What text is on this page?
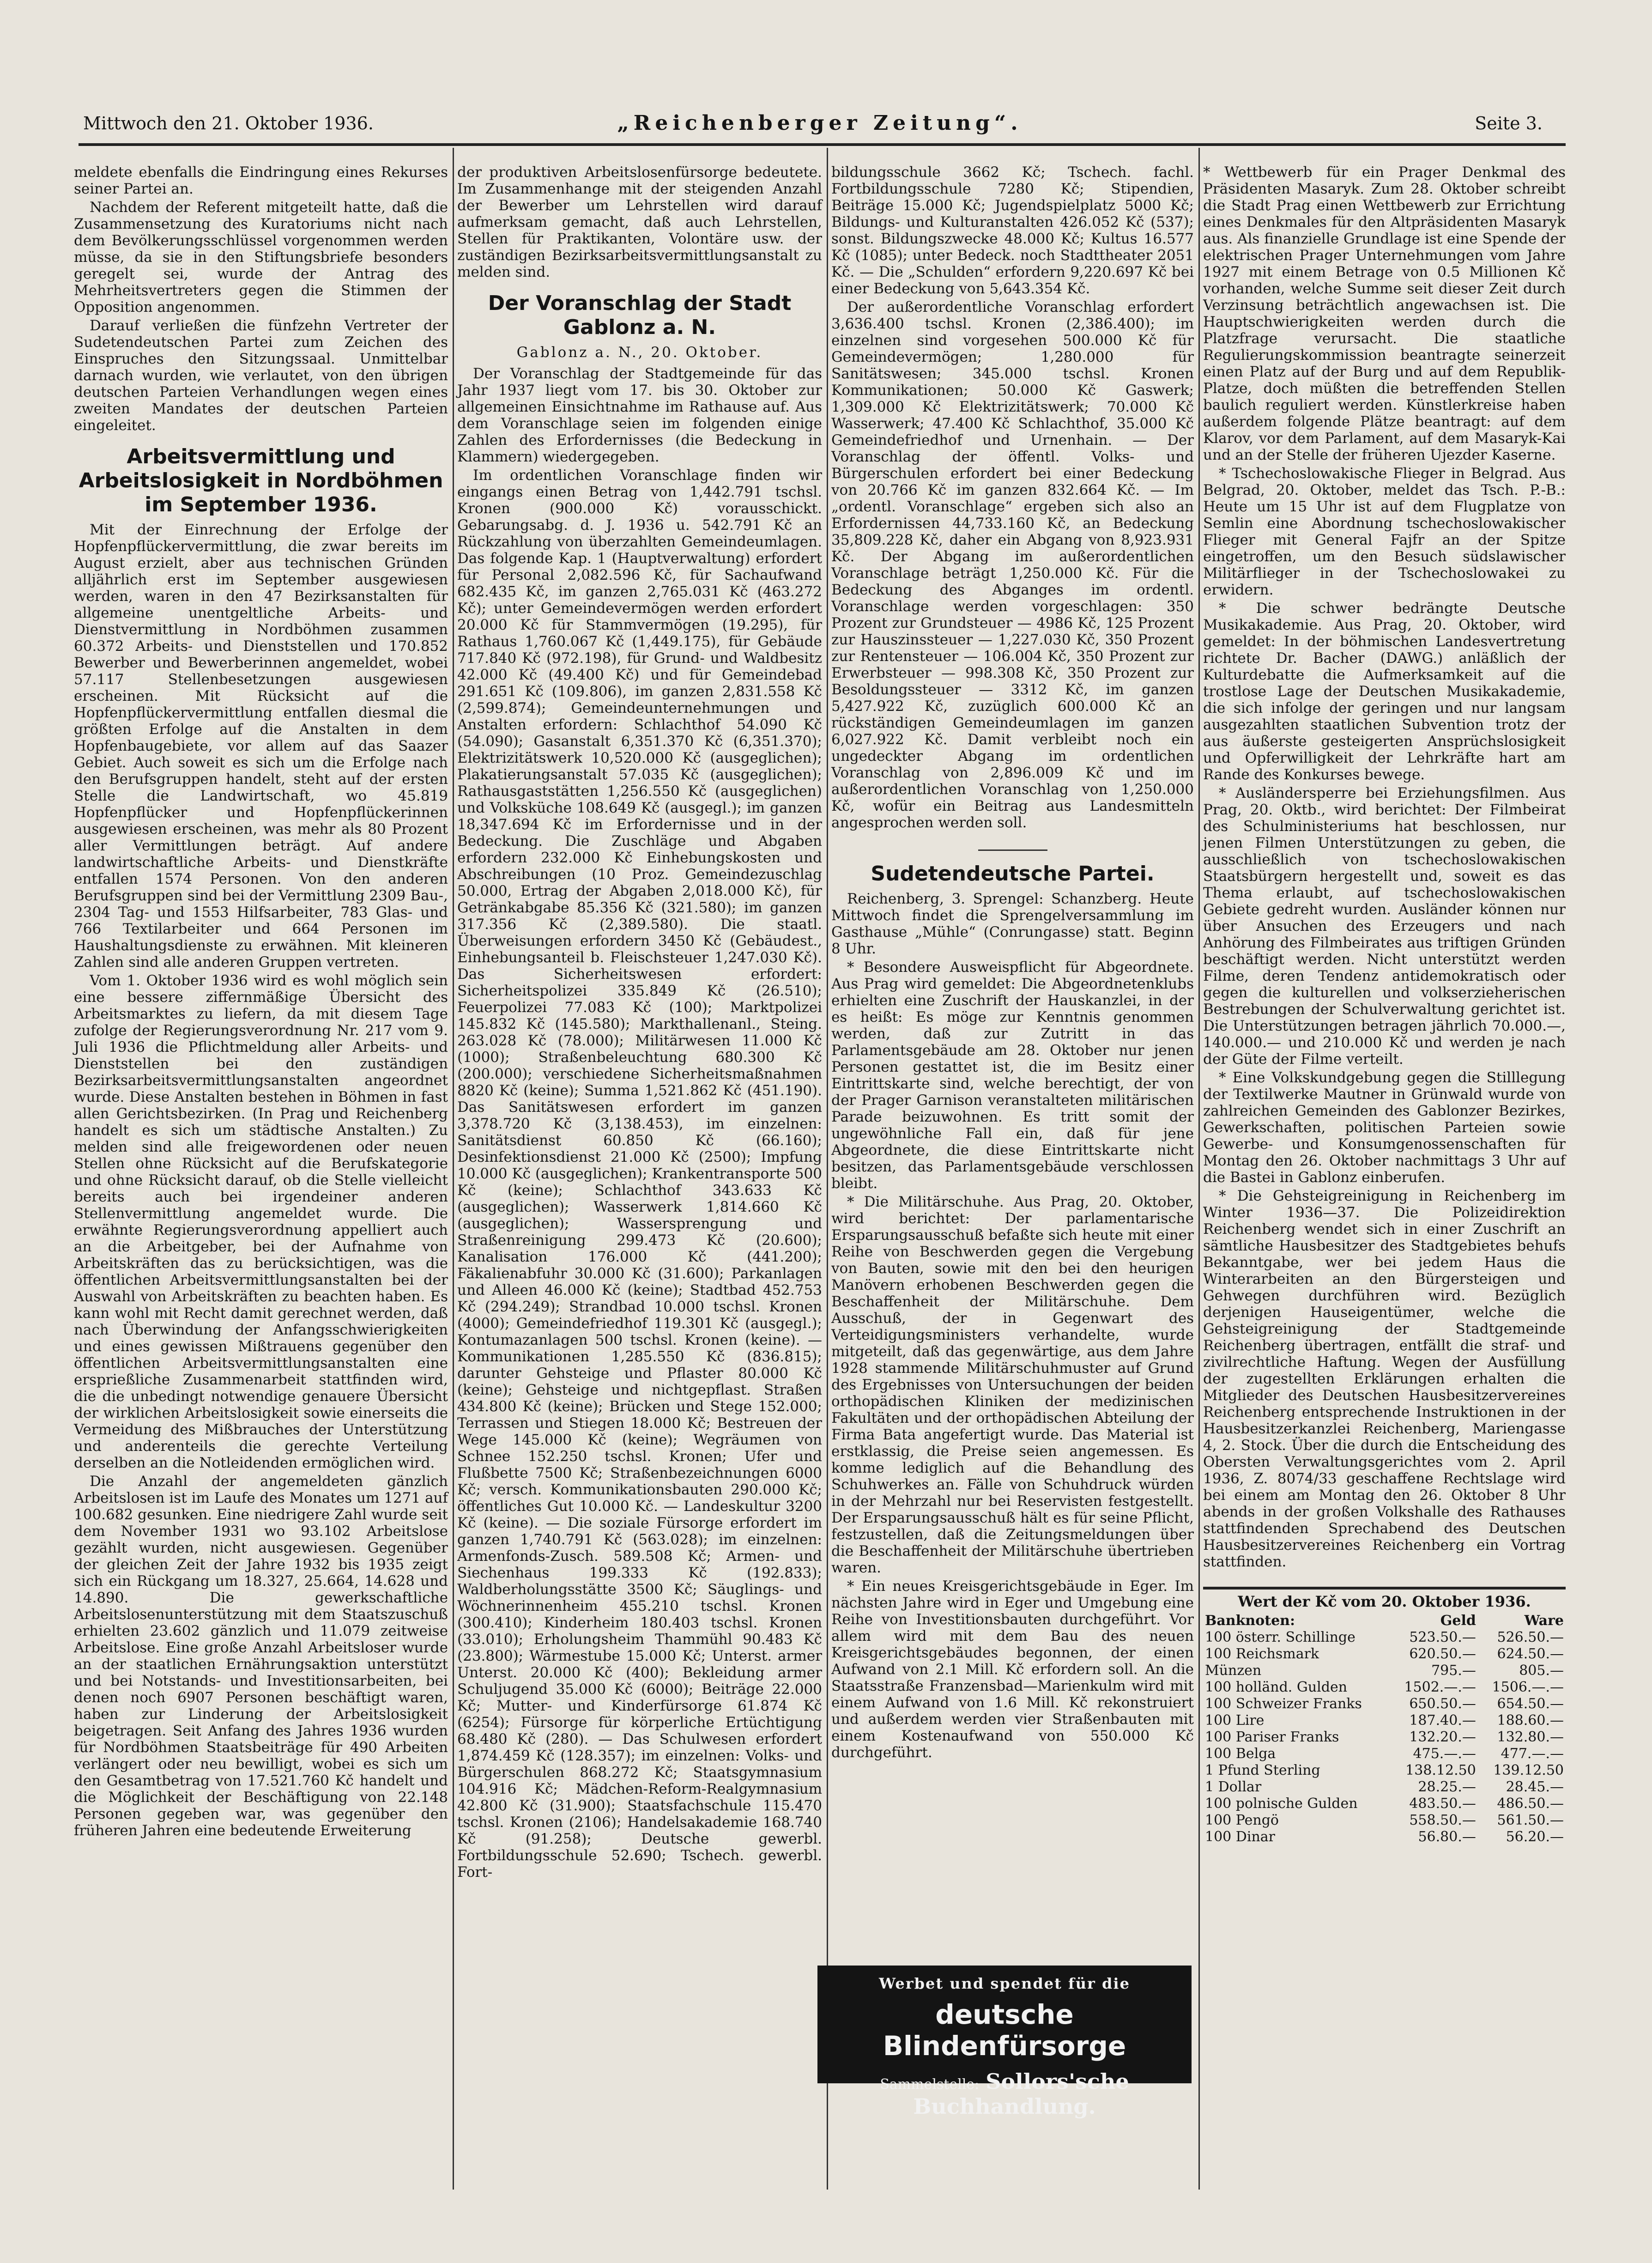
Mittwoch den 21. Oktober 1936.	„Reichenberger Zeitung“.	Seite 3.

meldete ebenfalls die Eindringung eines Rekurses seiner Partei an.

Nachdem der Referent mitgeteilt hatte, daß die Zusammensetzung des Kuratoriums nicht nach dem Bevölkerungsschlüssel vorgenommen werden müsse, da sie in den Stiftungsbriefe besonders geregelt sei, wurde der Antrag des Mehrheitsvertreters gegen die Stimmen der Opposition angenommen.

Darauf verließen die fünfzehn Vertreter der Sudetendeutschen Partei zum Zeichen des Einspruches den Sitzungssaal. Unmittelbar darnach wurden, wie verlautet, von den übrigen deutschen Parteien Verhandlungen wegen eines zweiten Mandates der deutschen Parteien eingeleitet.

Arbeitsvermittlung und Arbeitslosigkeit in Nordböhmen im September 1936.

Mit der Einrechnung der Erfolge der Hopfenpflückervermittlung, die zwar bereits im August erzielt, aber aus technischen Gründen alljährlich erst im September ausgewiesen werden, waren in den 47 Bezirksanstalten für allgemeine unentgeltliche Arbeits- und Dienstvermittlung in Nordböhmen zusammen 60.372 Arbeits- und Dienststellen und 170.852 Bewerber und Bewerberinnen angemeldet, wobei 57.117 Stellenbesetzungen ausgewiesen erscheinen. Mit Rücksicht auf die Hopfenpflückervermittlung entfallen diesmal die größten Erfolge auf die Anstalten in dem Hopfenbaugebiete, vor allem auf das Saazer Gebiet. Auch soweit es sich um die Erfolge nach den Berufsgruppen handelt, steht auf der ersten Stelle die Landwirtschaft, wo 45.819 Hopfenpflücker und Hopfenpflückerinnen ausgewiesen erscheinen, was mehr als 80 Prozent aller Vermittlungen beträgt. Auf andere landwirtschaftliche Arbeits- und Dienstkräfte entfallen 1574 Personen. Von den anderen Berufsgruppen sind bei der Vermittlung 2309 Bau-, 2304 Tag- und 1553 Hilfsarbeiter, 783 Glas- und 766 Textilarbeiter und 664 Personen im Haushaltungsdienste zu erwähnen. Mit kleineren Zahlen sind alle anderen Gruppen vertreten.

Vom 1. Oktober 1936 wird es wohl möglich sein eine bessere ziffernmäßige Übersicht des Arbeitsmarktes zu liefern, da mit diesem Tage zufolge der Regierungsverordnung Nr. 217 vom 9. Juli 1936 die Pflichtmeldung aller Arbeits- und Dienststellen bei den zuständigen Bezirksarbeitsvermittlungsanstalten angeordnet wurde. Diese Anstalten bestehen in Böhmen in fast allen Gerichtsbezirken. (In Prag und Reichenberg handelt es sich um städtische Anstalten.) Zu melden sind alle freigewordenen oder neuen Stellen ohne Rücksicht auf die Berufskategorie und ohne Rücksicht darauf, ob die Stelle vielleicht bereits auch bei irgendeiner anderen Stellenvermittlung angemeldet wurde. Die erwähnte Regierungsverordnung appelliert auch an die Arbeitgeber, bei der Aufnahme von Arbeitskräften das zu berücksichtigen, was die öffentlichen Arbeitsvermittlungsanstalten bei der Auswahl von Arbeitskräften zu beachten haben. Es kann wohl mit Recht damit gerechnet werden, daß nach Überwindung der Anfangsschwierigkeiten und eines gewissen Mißtrauens gegenüber den öffentlichen Arbeitsvermittlungsanstalten eine ersprießliche Zusammenarbeit stattfinden wird, die die unbedingt notwendige genauere Übersicht der wirklichen Arbeitslosigkeit sowie einerseits die Vermeidung des Mißbrauches der Unterstützung und anderenteils die gerechte Verteilung derselben an die Notleidenden ermöglichen wird.

Die Anzahl der angemeldeten gänzlich Arbeitslosen ist im Laufe des Monates um 1271 auf 100.682 gesunken. Eine niedrigere Zahl wurde seit dem November 1931 wo 93.102 Arbeitslose gezählt wurden, nicht ausgewiesen. Gegenüber der gleichen Zeit der Jahre 1932 bis 1935 zeigt sich ein Rückgang um 18.327, 25.664, 14.628 und 14.890. Die gewerkschaftliche Arbeitslosenunterstützung mit dem Staatszuschuß erhielten 23.602 gänzlich und 11.079 zeitweise Arbeitslose. Eine große Anzahl Arbeitsloser wurde an der staatlichen Ernährungsaktion unterstützt und bei Notstands- und Investitionsarbeiten, bei denen noch 6907 Personen beschäftigt waren, haben zur Linderung der Arbeitslosigkeit beigetragen. Seit Anfang des Jahres 1936 wurden für Nordböhmen Staatsbeiträge für 490 Arbeiten verlängert oder neu bewilligt, wobei es sich um den Gesamtbetrag von 17.521.760 Kč handelt und die Möglichkeit der Beschäftigung von 22.148 Personen gegeben war, was gegenüber den früheren Jahren eine bedeutende Erweiterung

der produktiven Arbeitslosenfürsorge bedeutete. Im Zusammenhange mit der steigenden Anzahl der Bewerber um Lehrstellen wird darauf aufmerksam gemacht, daß auch Lehrstellen, Stellen für Praktikanten, Volontäre usw. der zuständigen Bezirksarbeitsvermittlungsanstalt zu melden sind.

Der Voranschlag der Stadt Gablonz a. N.
Gablonz a. N., 20. Oktober.

Der Voranschlag der Stadtgemeinde für das Jahr 1937 liegt vom 17. bis 30. Oktober zur allgemeinen Einsichtnahme im Rathause auf. Aus dem Voranschlage seien im folgenden einige Zahlen des Erfordernisses (die Bedeckung in Klammern) wiedergegeben.

Im ordentlichen Voranschlage finden wir eingangs einen Betrag von 1,442.791 tschsl. Kronen (900.000 Kč) vorausschickt. Gebarungsabg. d. J. 1936 u. 542.791 Kč an Rückzahlung von überzahlten Gemeindeumlagen. Das folgende Kap. 1 (Hauptverwaltung) erfordert für Personal 2,082.596 Kč, für Sachaufwand 682.435 Kč, im ganzen 2,765.031 Kč (463.272 Kč); unter Gemeindevermögen werden erfordert 20.000 Kč für Stammvermögen (19.295), für Rathaus 1,760.067 Kč (1,449.175), für Gebäude 717.840 Kč (972.198), für Grund- und Waldbesitz 42.000 Kč (49.400 Kč) und für Gemeindebad 291.651 Kč (109.806), im ganzen 2,831.558 Kč (2,599.874); Gemeindeunternehmungen und Anstalten erfordern: Schlachthof 54.090 Kč (54.090); Gasanstalt 6,351.370 Kč (6,351.370); Elektrizitätswerk 10,520.000 Kč (ausgeglichen); Plakatierungsanstalt 57.035 Kč (ausgeglichen); Rathausgaststätten 1,256.550 Kč (ausgeglichen) und Volksküche 108.649 Kč (ausgegl.); im ganzen 18,347.694 Kč im Erfordernisse und in der Bedeckung. Die Zuschläge und Abgaben erfordern 232.000 Kč Einhebungskosten und Abschreibungen (10 Proz. Gemeindezuschlag 50.000, Ertrag der Abgaben 2,018.000 Kč), für Getränkabgabe 85.356 Kč (321.580); im ganzen 317.356 Kč (2,389.580). Die staatl. Überweisungen erfordern 3450 Kč (Gebäudest., Einhebungsanteil b. Fleischsteuer 1,247.030 Kč). Das Sicherheitswesen erfordert: Sicherheitspolizei 335.849 Kč (26.510); Feuerpolizei 77.083 Kč (100); Marktpolizei 145.832 Kč (145.580); Markthallenanl., Steing. 263.028 Kč (78.000); Militärwesen 11.000 Kč (1000); Straßenbeleuchtung 680.300 Kč (200.000); verschiedene Sicherheitsmaßnahmen 8820 Kč (keine); Summa 1,521.862 Kč (451.190). Das Sanitätswesen erfordert im ganzen 3,378.720 Kč (3,138.453), im einzelnen: Sanitätsdienst 60.850 Kč (66.160); Desinfektionsdienst 21.000 Kč (2500); Impfung 10.000 Kč (ausgeglichen); Krankentransporte 500 Kč (keine); Schlachthof 343.633 Kč (ausgeglichen); Wasserwerk 1,814.660 Kč (ausgeglichen); Wassersprengung und Straßenreinigung 299.473 Kč (20.600); Kanalisation 176.000 Kč (441.200); Fäkalienabfuhr 30.000 Kč (31.600); Parkanlagen und Alleen 46.000 Kč (keine); Stadtbad 452.753 Kč (294.249); Strandbad 10.000 tschsl. Kronen (4000); Gemeindefriedhof 119.301 Kč (ausgegl.); Kontumazanlagen 500 tschsl. Kronen (keine). — Kommunikationen 1,285.550 Kč (836.815); darunter Gehsteige und Pflaster 80.000 Kč (keine); Gehsteige und nichtgepflast. Straßen 434.800 Kč (keine); Brücken und Stege 152.000; Terrassen und Stiegen 18.000 Kč; Bestreuen der Wege 145.000 Kč (keine); Wegräumen von Schnee 152.250 tschsl. Kronen; Ufer und Flußbette 7500 Kč; Straßenbezeichnungen 6000 Kč; versch. Kommunikationsbauten 290.000 Kč; öffentliches Gut 10.000 Kč. — Landeskultur 3200 Kč (keine). — Die soziale Fürsorge erfordert im ganzen 1,740.791 Kč (563.028); im einzelnen: Armenfonds-Zusch. 589.508 Kč; Armen- und Siechenhaus 199.333 Kč (192.833); Waldberholungsstätte 3500 Kč; Säuglings- und Wöchnerinnenheim 455.210 tschsl. Kronen (300.410); Kinderheim 180.403 tschsl. Kronen (33.010); Erholungsheim Thammühl 90.483 Kč (23.800); Wärmestube 15.000 Kč; Unterst. armer Unterst. 20.000 Kč (400); Bekleidung armer Schuljugend 35.000 Kč (6000); Beiträge 22.000 Kč; Mutter- und Kinderfürsorge 61.874 Kč (6254); Fürsorge für körperliche Ertüchtigung 68.480 Kč (280). — Das Schulwesen erfordert 1,874.459 Kč (128.357); im einzelnen: Volks- und Bürgerschulen 868.272 Kč; Staatsgymnasium 104.916 Kč; Mädchen-Reform-Realgymnasium 42.800 Kč (31.900); Staatsfachschule 115.470 tschsl. Kronen (2106); Handelsakademie 168.740 Kč (91.258); Deutsche gewerbl. Fortbildungsschule 52.690; Tschech. gewerbl. Fort-

bildungsschule 3662 Kč; Tschech. fachl. Fortbildungsschule 7280 Kč; Stipendien, Beiträge 15.000 Kč; Jugendspielplatz 5000 Kč; Bildungs- und Kulturanstalten 426.052 Kč (537); sonst. Bildungszwecke 48.000 Kč; Kultus 16.577 Kč (1085); unter Bedeck. noch Stadttheater 2051 Kč. — Die „Schulden“ erfordern 9,220.697 Kč bei einer Bedeckung von 5,643.354 Kč.

Der außerordentliche Voranschlag erfordert 3,636.400 tschsl. Kronen (2,386.400); im einzelnen sind vorgesehen 500.000 Kč für Gemeindevermögen; 1,280.000 für Sanitätswesen; 345.000 tschsl. Kronen Kommunikationen; 50.000 Kč Gaswerk; 1,309.000 Kč Elektrizitätswerk; 70.000 Kč Wasserwerk; 47.400 Kč Schlachthof, 35.000 Kč Gemeindefriedhof und Urnenhain. — Der Voranschlag der öffentl. Volks- und Bürgerschulen erfordert bei einer Bedeckung von 20.766 Kč im ganzen 832.664 Kč. — Im „ordentl. Voranschlage“ ergeben sich also an Erfordernissen 44,733.160 Kč, an Bedeckung 35,809.228 Kč, daher ein Abgang von 8,923.931 Kč. Der Abgang im außerordentlichen Voranschlage beträgt 1,250.000 Kč. Für die Bedeckung des Abganges im ordentl. Voranschlage werden vorgeschlagen: 350 Prozent zur Grundsteuer — 4986 Kč, 125 Prozent zur Hauszinssteuer — 1,227.030 Kč, 350 Prozent zur Rentensteuer — 106.004 Kč, 350 Prozent zur Erwerbsteuer — 998.308 Kč, 350 Prozent zur Besoldungssteuer — 3312 Kč, im ganzen 5,427.922 Kč, zuzüglich 600.000 Kč an rückständigen Gemeindeumlagen im ganzen 6,027.922 Kč. Damit verbleibt noch ein ungedeckter Abgang im ordentlichen Voranschlag von 2,896.009 Kč und im außerordentlichen Voranschlag von 1,250.000 Kč, wofür ein Beitrag aus Landesmitteln angesprochen werden soll.

Sudetendeutsche Partei.

Reichenberg, 3. Sprengel: Schanzberg. Heute Mittwoch findet die Sprengelversammlung im Gasthause „Mühle“ (Conrungasse) statt. Beginn 8 Uhr.

* Besondere Ausweispflicht für Abgeordnete. Aus Prag wird gemeldet: Die Abgeordnetenklubs erhielten eine Zuschrift der Hauskanzlei, in der es heißt: Es möge zur Kenntnis genommen werden, daß zur Zutritt in das Parlamentsgebäude am 28. Oktober nur jenen Personen gestattet ist, die im Besitz einer Eintrittskarte sind, welche berechtigt, der von der Prager Garnison veranstalteten militärischen Parade beizuwohnen. Es tritt somit der ungewöhnliche Fall ein, daß für jene Abgeordnete, die diese Eintrittskarte nicht besitzen, das Parlamentsgebäude verschlossen bleibt.

* Die Militärschuhe. Aus Prag, 20. Oktober, wird berichtet: Der parlamentarische Ersparungsausschuß befaßte sich heute mit einer Reihe von Beschwerden gegen die Vergebung von Bauten, sowie mit den bei den heurigen Manövern erhobenen Beschwerden gegen die Beschaffenheit der Militärschuhe. Dem Ausschuß, der in Gegenwart des Verteidigungsministers verhandelte, wurde mitgeteilt, daß das gegenwärtige, aus dem Jahre 1928 stammende Militärschuhmuster auf Grund des Ergebnisses von Untersuchungen der beiden orthopädischen Kliniken der medizinischen Fakultäten und der orthopädischen Abteilung der Firma Bata angefertigt wurde. Das Material ist erstklassig, die Preise seien angemessen. Es komme lediglich auf die Behandlung des Schuhwerkes an. Fälle von Schuhdruck würden in der Mehrzahl nur bei Reservisten festgestellt. Der Ersparungsausschuß hält es für seine Pflicht, festzustellen, daß die Zeitungsmeldungen über die Beschaffenheit der Militärschuhe übertrieben waren.

* Ein neues Kreisgerichtsgebäude in Eger. Im nächsten Jahre wird in Eger und Umgebung eine Reihe von Investitionsbauten durchgeführt. Vor allem wird mit dem Bau des neuen Kreisgerichtsgebäudes begonnen, der einen Aufwand von 2.1 Mill. Kč erfordern soll. An die Staatsstraße Franzensbad—Marienkulm wird mit einem Aufwand von 1.6 Mill. Kč rekonstruiert und außerdem werden vier Straßenbauten mit einem Kostenaufwand von 550.000 Kč durchgeführt.

Werbet und spendet für die
deutsche Blindenfürsorge
Sammelstelle: Sollors'sche Buchhandlung.

* Wettbewerb für ein Prager Denkmal des Präsidenten Masaryk. Zum 28. Oktober schreibt die Stadt Prag einen Wettbewerb zur Errichtung eines Denkmales für den Altpräsidenten Masaryk aus. Als finanzielle Grundlage ist eine Spende der elektrischen Prager Unternehmungen vom Jahre 1927 mit einem Betrage von 0.5 Millionen Kč vorhanden, welche Summe seit dieser Zeit durch Verzinsung beträchtlich angewachsen ist. Die Hauptschwierigkeiten werden durch die Platzfrage verursacht. Die staatliche Regulierungskommission beantragte seinerzeit einen Platz auf der Burg und auf dem Republik-Platze, doch müßten die betreffenden Stellen baulich reguliert werden. Künstlerkreise haben außerdem folgende Plätze beantragt: auf dem Klarov, vor dem Parlament, auf dem Masaryk-Kai und an der Stelle der früheren Ujezder Kaserne.

* Tschechoslowakische Flieger in Belgrad. Aus Belgrad, 20. Oktober, meldet das Tsch. P.-B.: Heute um 15 Uhr ist auf dem Flugplatze von Semlin eine Abordnung tschechoslowakischer Flieger mit General Fajfr an der Spitze eingetroffen, um den Besuch südslawischer Militärflieger in der Tschechoslowakei zu erwidern.

* Die schwer bedrängte Deutsche Musikakademie. Aus Prag, 20. Oktober, wird gemeldet: In der böhmischen Landesvertretung richtete Dr. Bacher (DAWG.) anläßlich der Kulturdebatte die Aufmerksamkeit auf die trostlose Lage der Deutschen Musikakademie, die sich infolge der geringen und nur langsam ausgezahlten staatlichen Subvention trotz der aus äußerste gesteigerten Ansprüchslosigkeit und Opferwilligkeit der Lehrkräfte hart am Rande des Konkurses bewege.

* Ausländersperre bei Erziehungsfilmen. Aus Prag, 20. Oktb., wird berichtet: Der Filmbeirat des Schulministeriums hat beschlossen, nur jenen Filmen Unterstützungen zu geben, die ausschließlich von tschechoslowakischen Staatsbürgern hergestellt und, soweit es das Thema erlaubt, auf tschechoslowakischen Gebiete gedreht wurden. Ausländer können nur über Ansuchen des Erzeugers und nach Anhörung des Filmbeirates aus triftigen Gründen beschäftigt werden. Nicht unterstützt werden Filme, deren Tendenz antidemokratisch oder gegen die kulturellen und volkserzieherischen Bestrebungen der Schulverwaltung gerichtet ist. Die Unterstützungen betragen jährlich 70.000.—, 140.000.— und 210.000 Kč und werden je nach der Güte der Filme verteilt.

* Eine Volkskundgebung gegen die Stilllegung der Textilwerke Mautner in Grünwald wurde von zahlreichen Gemeinden des Gablonzer Bezirkes, Gewerkschaften, politischen Parteien sowie Gewerbe- und Konsumgenossenschaften für Montag den 26. Oktober nachmittags 3 Uhr auf die Bastei in Gablonz einberufen.

* Die Gehsteigreinigung in Reichenberg im Winter 1936—37. Die Polizeidirektion Reichenberg wendet sich in einer Zuschrift an sämtliche Hausbesitzer des Stadtgebietes behufs Bekanntgabe, wer bei jedem Haus die Winterarbeiten an den Bürgersteigen und Gehwegen durchführen wird. Bezüglich derjenigen Hauseigentümer, welche die Gehsteigreinigung der Stadtgemeinde Reichenberg übertragen, entfällt die straf- und zivilrechtliche Haftung. Wegen der Ausfüllung der zugestellten Erklärungen erhalten die Mitglieder des Deutschen Hausbesitzervereines Reichenberg entsprechende Instruktionen in der Hausbesitzerkanzlei Reichenberg, Mariengasse 4, 2. Stock. Über die durch die Entscheidung des Obersten Verwaltungsgerichtes vom 2. April 1936, Z. 8074/33 geschaffene Rechtslage wird bei einem am Montag den 26. Oktober 8 Uhr abends in der großen Volkshalle des Rathauses stattfindenden Sprechabend des Deutschen Hausbesitzervereines Reichenberg ein Vortrag stattfinden.

Wert der Kč vom 20. Oktober 1936.
Banknoten:	Geld	Ware
100 österr. Schillinge	523.50.—	526.50.—
100 Reichsmark	620.50.—	624.50.—
Münzen	795.—	805.—
100 holländ. Gulden	1502.—.—	1506.—.—
100 Schweizer Franks	650.50.—	654.50.—
100 Lire	187.40.—	188.60.—
100 Pariser Franks	132.20.—	132.80.—
100 Belga	475.—.—	477.—.—
1 Pfund Sterling	138.12.50	139.12.50
1 Dollar	28.25.—	28.45.—
100 polnische Gulden	483.50.—	486.50.—
100 Pengö	558.50.—	561.50.—
100 Dinar	56.80.—	56.20.—
